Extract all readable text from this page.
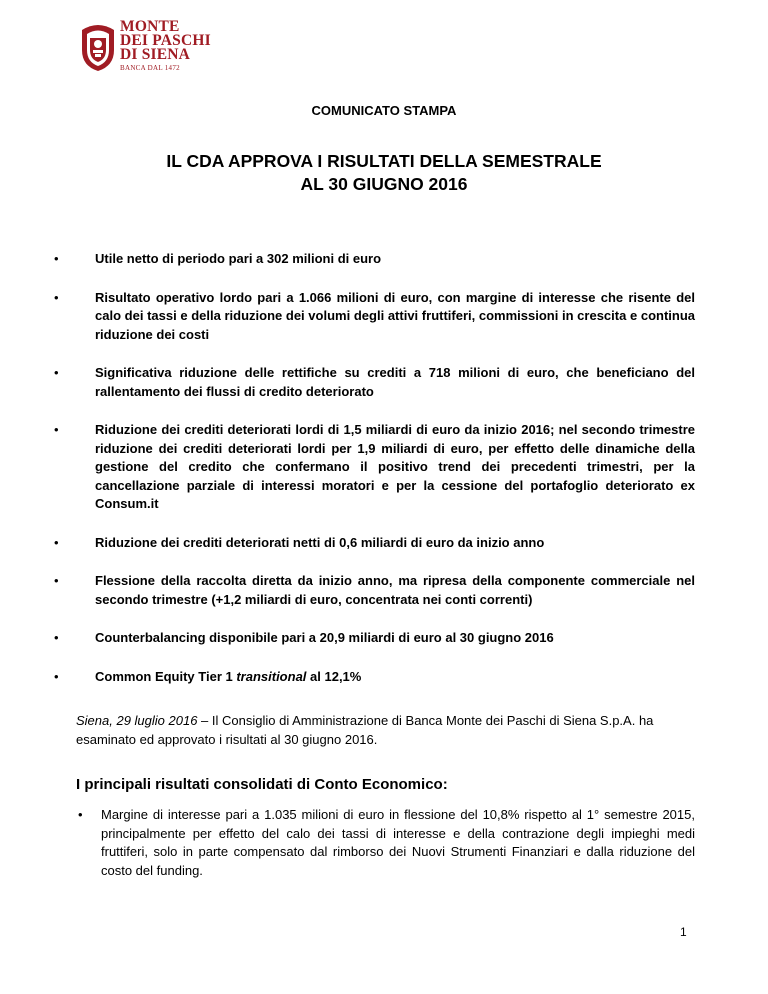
MONTE
DEI PASCHI
DI SIENA
BANCA DAL 1472
COMUNICATO STAMPA
IL CDA APPROVA I RISULTATI DELLA SEMESTRALE
AL 30 GIUGNO 2016
• Utile netto di periodo pari a 302 milioni di euro
• Risultato operativo lordo pari a 1.066 milioni di euro, con margine di interesse che risente del calo dei tassi e della riduzione dei volumi degli attivi fruttiferi, commissioni in crescita e continua riduzione dei costi
• Significativa riduzione delle rettifiche su crediti a 718 milioni di euro, che beneficiano del rallentamento dei flussi di credito deteriorato
• Riduzione dei crediti deteriorati lordi di 1,5 miliardi di euro da inizio 2016; nel secondo trimestre riduzione dei crediti deteriorati lordi per 1,9 miliardi di euro, per effetto delle dinamiche della gestione del credito che confermano il positivo trend dei precedenti trimestri, per la cancellazione parziale di interessi moratori e per la cessione del portafoglio deteriorato ex Consum.it
• Riduzione dei crediti deteriorati netti di 0,6 miliardi di euro da inizio anno
• Flessione della raccolta diretta da inizio anno, ma ripresa della componente commerciale nel secondo trimestre (+1,2 miliardi di euro, concentrata nei conti correnti)
• Counterbalancing disponibile pari a 20,9 miliardi di euro al 30 giugno 2016
• Common Equity Tier 1 transitional al 12,1%
Siena, 29 luglio 2016 – Il Consiglio di Amministrazione di Banca Monte dei Paschi di Siena S.p.A. ha esaminato ed approvato i risultati al 30 giugno 2016.
I principali risultati consolidati di Conto Economico:
• Margine di interesse pari a 1.035 milioni di euro in flessione del 10,8% rispetto al 1° semestre 2015, principalmente per effetto del calo dei tassi di interesse e della contrazione degli impieghi medi fruttiferi, solo in parte compensato dal rimborso dei Nuovi Strumenti Finanziari e dalla riduzione del costo del funding.
1
